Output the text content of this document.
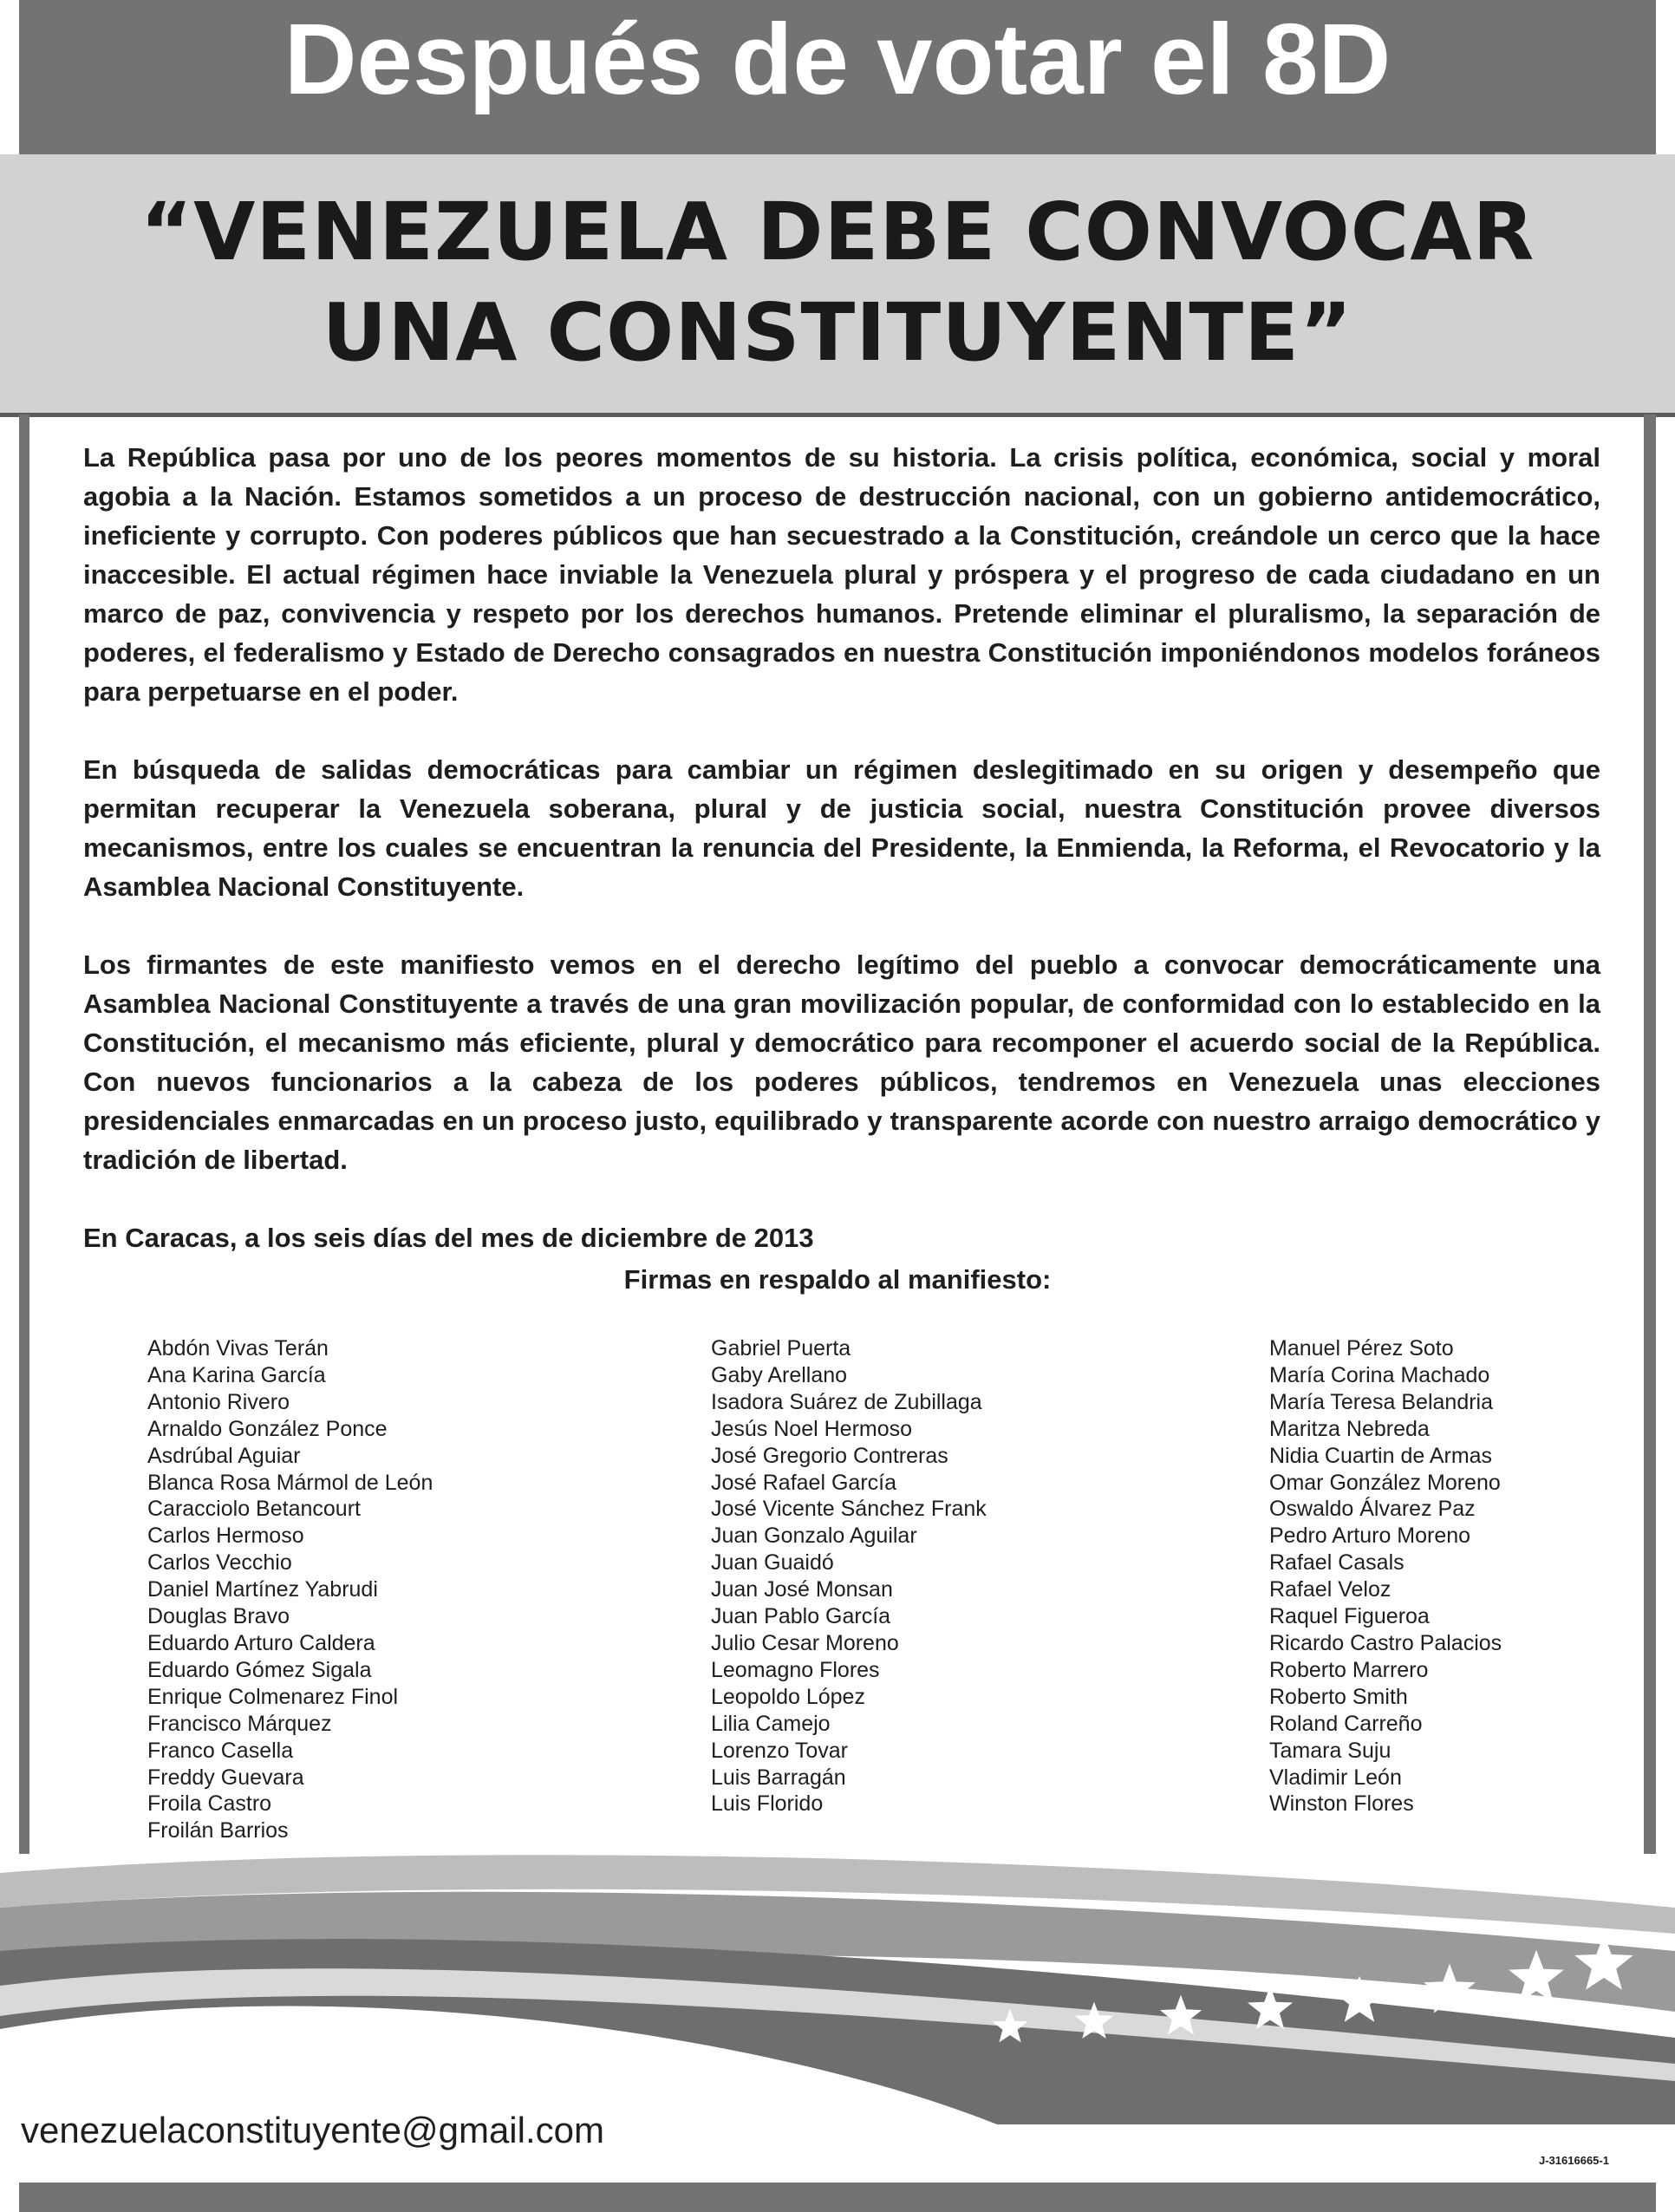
Después de votar el 8D
“VENEZUELA DEBE CONVOCAR
UNA CONSTITUYENTE”

La República pasa por uno de los peores momentos de su historia. La crisis política, económica, social y moral agobia a la Nación. Estamos sometidos a un proceso de destrucción nacional, con un gobierno antidemocrático, ineficiente y corrupto. Con poderes públicos que han secuestrado a la Constitución, creándole un cerco que la hace inaccesible. El actual régimen hace inviable la Venezuela plural y próspera y el progreso de cada ciudadano en un marco de paz, convivencia y respeto por los derechos humanos. Pretende eliminar el pluralismo, la separación de poderes, el federalismo y Estado de Derecho consagrados en nuestra Constitución imponiéndonos modelos foráneos para perpetuarse en el poder.

En búsqueda de salidas democráticas para cambiar un régimen deslegitimado en su origen y desempeño que permitan recuperar la Venezuela soberana, plural y de justicia social, nuestra Constitución provee diversos mecanismos, entre los cuales se encuentran la renuncia del Presidente, la Enmienda, la Reforma, el Revocatorio y la Asamblea Nacional Constituyente.

Los firmantes de este manifiesto vemos en el derecho legítimo del pueblo a convocar democráticamente una Asamblea Nacional Constituyente a través de una gran movilización popular, de conformidad con lo establecido en la Constitución, el mecanismo más eficiente, plural y democrático para recomponer el acuerdo social de la República. Con nuevos funcionarios a la cabeza de los poderes públicos, tendremos en Venezuela unas elecciones presidenciales enmarcadas en un proceso justo, equilibrado y transparente acorde con nuestro arraigo democrático y tradición de libertad.

En Caracas, a los seis días del mes de diciembre de 2013

Firmas en respaldo al manifiesto:
Abdón Vivas Terán
Ana Karina García
Antonio Rivero
Arnaldo González Ponce
Asdrúbal Aguiar
Blanca Rosa Mármol de León
Caracciolo Betancourt
Carlos Hermoso
Carlos Vecchio
Daniel Martínez Yabrudi
Douglas Bravo
Eduardo Arturo Caldera
Eduardo Gómez Sigala
Enrique Colmenarez Finol
Francisco Márquez
Franco Casella
Freddy Guevara
Froila Castro
Froilán Barrios
Gabriel Puerta
Gaby Arellano
Isadora Suárez de Zubillaga
Jesús Noel Hermoso
José Gregorio Contreras
José Rafael García
José Vicente Sánchez Frank
Juan Gonzalo Aguilar
Juan Guaidó
Juan José Monsan
Juan Pablo García
Julio Cesar Moreno
Leomagno Flores
Leopoldo López
Lilia Camejo
Lorenzo Tovar
Luis Barragán
Luis Florido
Manuel Pérez Soto
María Corina Machado
María Teresa Belandria
Maritza Nebreda
Nidia Cuartin de Armas
Omar González Moreno
Oswaldo Álvarez Paz
Pedro Arturo Moreno
Rafael Casals
Rafael Veloz
Raquel Figueroa
Ricardo Castro Palacios
Roberto Marrero
Roberto Smith
Roland Carreño
Tamara Suju
Vladimir León
Winston Flores
venezuelaconstituyente@gmail.com
J-31616665-1
